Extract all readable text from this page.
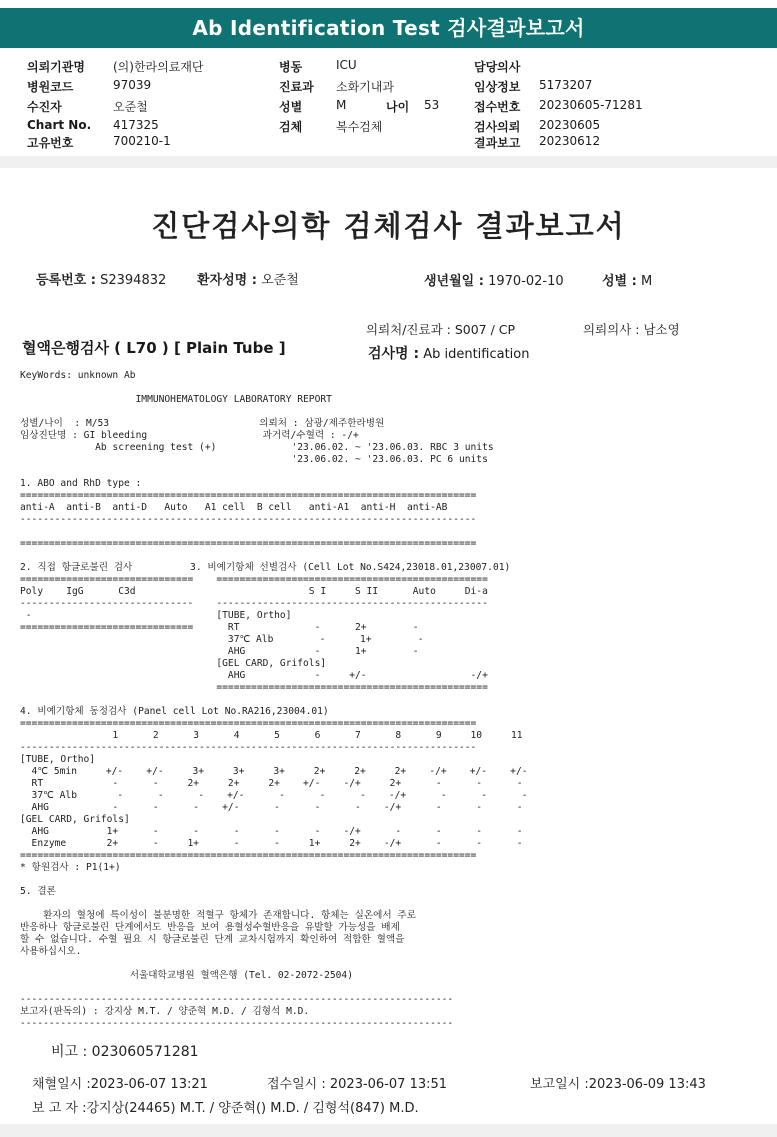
Ab Identification Test 검사결과보고서
의뢰기관명 (의)한라의료재단
병원코드	97039
수진자	오준철
Chart No. 417325
고유번호	700210-1
병동	ICU
진료과 소화기내과
성별	M	나이 53
검체	복수검체
담당의사
임상정보 5173207
접수번호 20230605-71281
검사의뢰 20230605
결과보고 20230612
진단검사의학 검체검사 결과보고서
등록번호 : S2394832 환자성명 : 오준철	생년월일 : 1970-02-10	성별 : M
의뢰처/진료과 : S007 / CP	의뢰의사 : 남소영
혈액은행검사 ( L70 ) [ Plain Tube ]	검사명 : Ab identification
KeyWords: unknown Ab

IMMUNOHEMATOLOGY LABORATORY REPORT

성별/나이  : M/53                          의뢰처 : 삼광/제주한라병원
임상진단명 : GI bleeding                    과거력/수혈력 : -/+
Ab screening test (+)             '23.06.02. ~ '23.06.03. RBC 3 units
'23.06.02. ~ '23.06.03. PC 6 units

1. ABO and RhD type :
===============================================================================
anti-A  anti-B  anti-D   Auto   A1 cell  B cell   anti-A1  anti-H  anti-AB
-------------------------------------------------------------------------------

===============================================================================

2. 직접 항글로불린 검사          3. 비예기항체 선별검사 (Cell Lot No.S424,23018.01,23007.01)
==============================    ===============================================
Poly    IgG      C3d                              S I     S II      Auto     Di-a
------------------------------    -----------------------------------------------
-                                [TUBE, Ortho]
==============================      RT             -      2+        -
37℃ Alb        -      1+        -
AHG            -      1+        -
[GEL CARD, Grifols]
AHG            -     +/-                  -/+
===============================================

4. 비예기항체 동정검사 (Panel cell Lot No.RA216,23004.01)
===============================================================================
1      2      3      4      5      6      7      8      9     10     11
-------------------------------------------------------------------------------
[TUBE, Ortho]
4℃ 5min     +/-    +/-     3+     3+     3+     2+     2+     2+    -/+    +/-    +/-
RT            -      -     2+     2+     2+    +/-    -/+     2+      -      -      -
37℃ Alb       -      -      -    +/-      -      -      -    -/+      -      -      -
AHG           -      -      -    +/-      -      -      -    -/+      -      -      -
[GEL CARD, Grifols]
AHG          1+      -      -      -      -      -    -/+      -      -      -      -
Enzyme       2+      -     1+      -      -     1+     2+    -/+      -      -      -
===============================================================================
* 항원검사 : P1(1+)

5. 결론

환자의 혈청에 특이성이 불분명한 적혈구 항체가 존재합니다. 항체는 실온에서 주로
반응하나 항글로불린 단계에서도 반응을 보여 용혈성수혈반응을 유발할 가능성을 배제
할 수 없습니다. 수혈 필요 시 항글로불린 단계 교차시험까지 확인하여 적합한 혈액을
사용하십시오.

서울대학교병원 혈액은행 (Tel. 02-2072-2504)

---------------------------------------------------------------------------
보고자(판독의) : 강지상 M.T. / 양준혁 M.D. / 김형석 M.D.
---------------------------------------------------------------------------
비고 : 023060571281
채혈일시 :2023-06-07 13:21	접수일시 : 2023-06-07 13:51	보고일시 :2023-06-09 13:43
보 고 자 :강지상(24465) M.T. / 양준혁() M.D. / 김형석(847) M.D.
